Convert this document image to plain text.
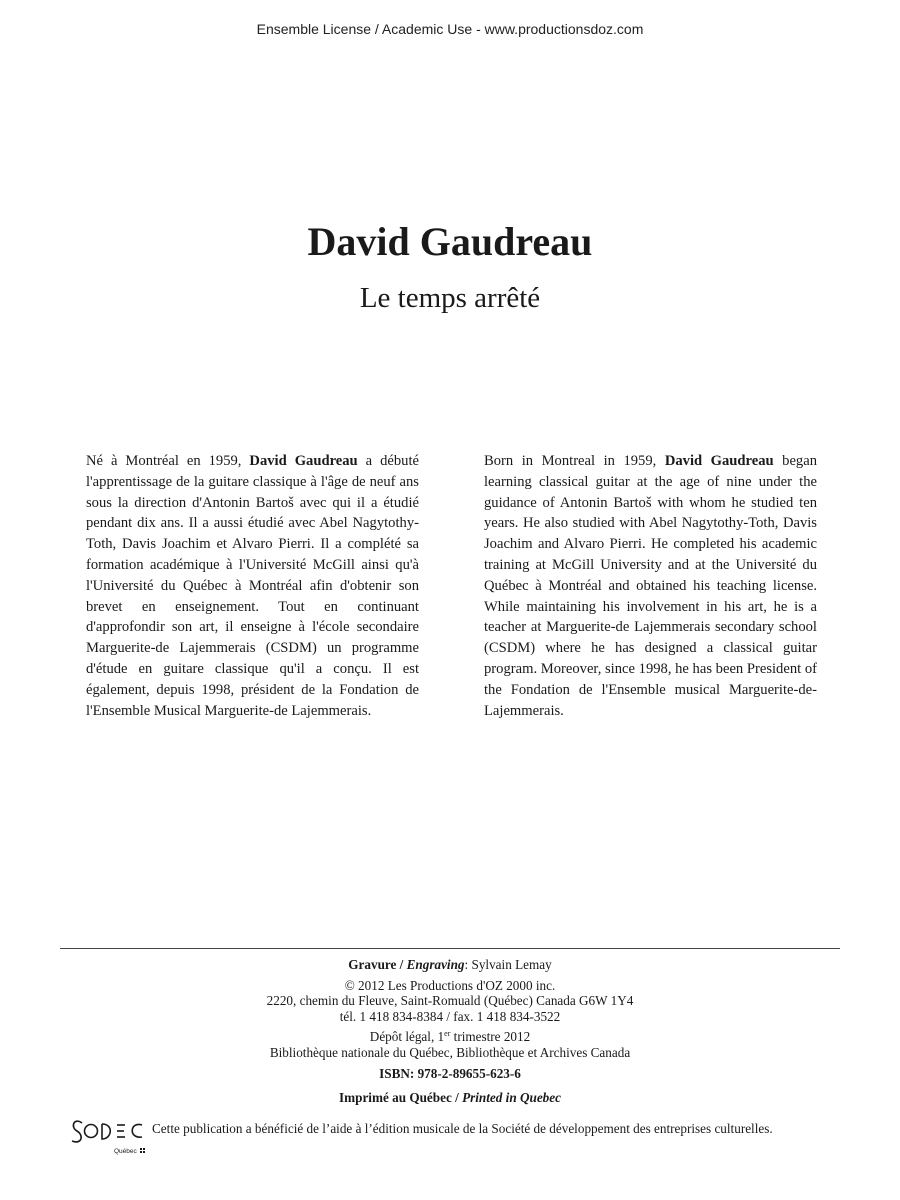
Ensemble License / Academic Use - www.productionsdoz.com
David Gaudreau
Le temps arrêté
Né à Montréal en 1959, David Gaudreau a débuté l'apprentissage de la guitare classique à l'âge de neuf ans sous la direction d'Antonin Bartoš avec qui il a étudié pendant dix ans. Il a aussi étudié avec Abel Nagytothy-Toth, Davis Joachim et Alvaro Pierri. Il a complété sa formation académique à l'Université McGill ainsi qu'à l'Université du Québec à Montréal afin d'obtenir son brevet en enseignement. Tout en continuant d'approfondir son art, il enseigne à l'école secondaire Marguerite-de Lajemmerais (CSDM) un programme d'étude en guitare classique qu'il a conçu. Il est également, depuis 1998, président de la Fondation de l'Ensemble Musical Marguerite-de Lajemmerais.
Born in Montreal in 1959, David Gaudreau began learning classical guitar at the age of nine under the guidance of Antonin Bartoš with whom he studied ten years. He also studied with Abel Nagytothy-Toth, Davis Joachim and Alvaro Pierri. He completed his academic training at McGill University and at the Université du Québec à Montréal and obtained his teaching license. While maintaining his involvement in his art, he is a teacher at Marguerite-de Lajemmerais secondary school (CSDM) where he has designed a classical guitar program. Moreover, since 1998, he has been President of the Fondation de l'Ensemble musical Marguerite-de-Lajemmerais.
Gravure / Engraving: Sylvain Lemay
© 2012 Les Productions d'OZ 2000 inc.
2220, chemin du Fleuve, Saint-Romuald (Québec) Canada G6W 1Y4
tél. 1 418 834-8384 / fax. 1 418 834-3522
Dépôt légal, 1er trimestre 2012
Bibliothèque nationale du Québec, Bibliothèque et Archives Canada
ISBN: 978-2-89655-623-6
Imprimé au Québec / Printed in Quebec
Québec
Cette publication a bénéficié de l’aide à l’édition musicale de la Société de développement des entreprises culturelles.
